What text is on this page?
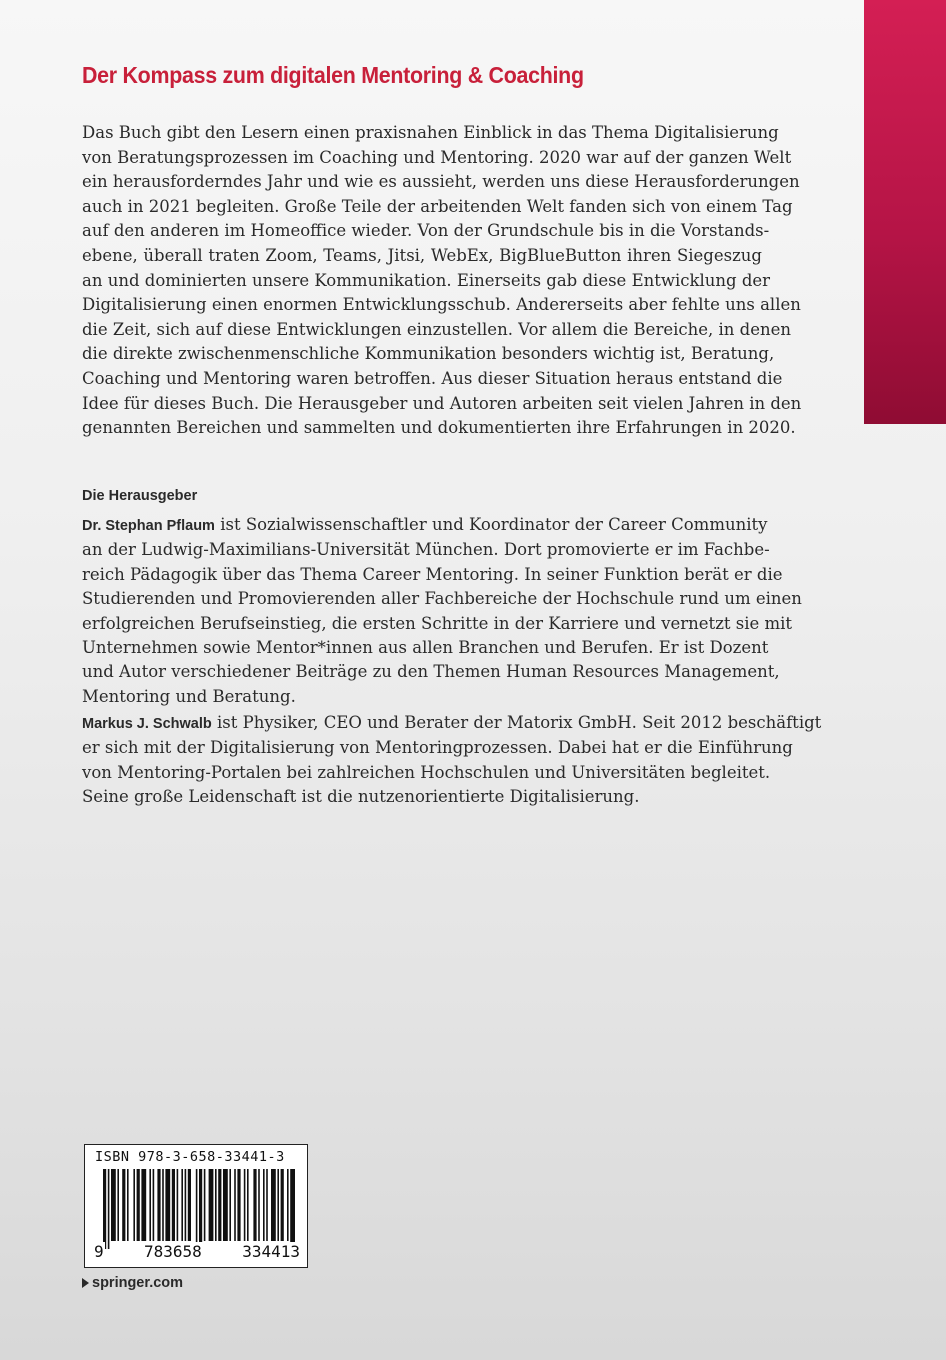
Der Kompass zum digitalen Mentoring & Coaching
Das Buch gibt den Lesern einen praxisnahen Einblick in das Thema Digitalisierung
von Beratungsprozessen im Coaching und Mentoring. 2020 war auf der ganzen Welt
ein herausforderndes Jahr und wie es aussieht, werden uns diese Herausforderungen
auch in 2021 begleiten. Große Teile der arbeitenden Welt fanden sich von einem Tag
auf den anderen im Homeoffice wieder. Von der Grundschule bis in die Vorstands-
ebene, überall traten Zoom, Teams, Jitsi, WebEx, BigBlueButton ihren Siegeszug
an und dominierten unsere Kommunikation. Einerseits gab diese Entwicklung der
Digitalisierung einen enormen Entwicklungsschub. Andererseits aber fehlte uns allen
die Zeit, sich auf diese Entwicklungen einzustellen. Vor allem die Bereiche, in denen
die direkte zwischenmenschliche Kommunikation besonders wichtig ist, Beratung,
Coaching und Mentoring waren betroffen. Aus dieser Situation heraus entstand die
Idee für dieses Buch. Die Herausgeber und Autoren arbeiten seit vielen Jahren in den
genannten Bereichen und sammelten und dokumentierten ihre Erfahrungen in 2020.
Die Herausgeber
Dr. Stephan Pflaum ist Sozialwissenschaftler und Koordinator der Career Community
an der Ludwig-Maximilians-Universität München. Dort promovierte er im Fachbe-
reich Pädagogik über das Thema Career Mentoring. In seiner Funktion berät er die
Studierenden und Promovierenden aller Fachbereiche der Hochschule rund um einen
erfolgreichen Berufseinstieg, die ersten Schritte in der Karriere und vernetzt sie mit
Unternehmen sowie Mentor*innen aus allen Branchen und Berufen. Er ist Dozent
und Autor verschiedener Beiträge zu den Themen Human Resources Management,
Mentoring und Beratung.
Markus J. Schwalb ist Physiker, CEO und Berater der Matorix GmbH. Seit 2012 beschäftigt
er sich mit der Digitalisierung von Mentoringprozessen. Dabei hat er die Einführung
von Mentoring-Portalen bei zahlreichen Hochschulen und Universitäten begleitet.
Seine große Leidenschaft ist die nutzenorientierte Digitalisierung.
ISBN 978-3-658-33441-3
9	783658	334413
springer.com
